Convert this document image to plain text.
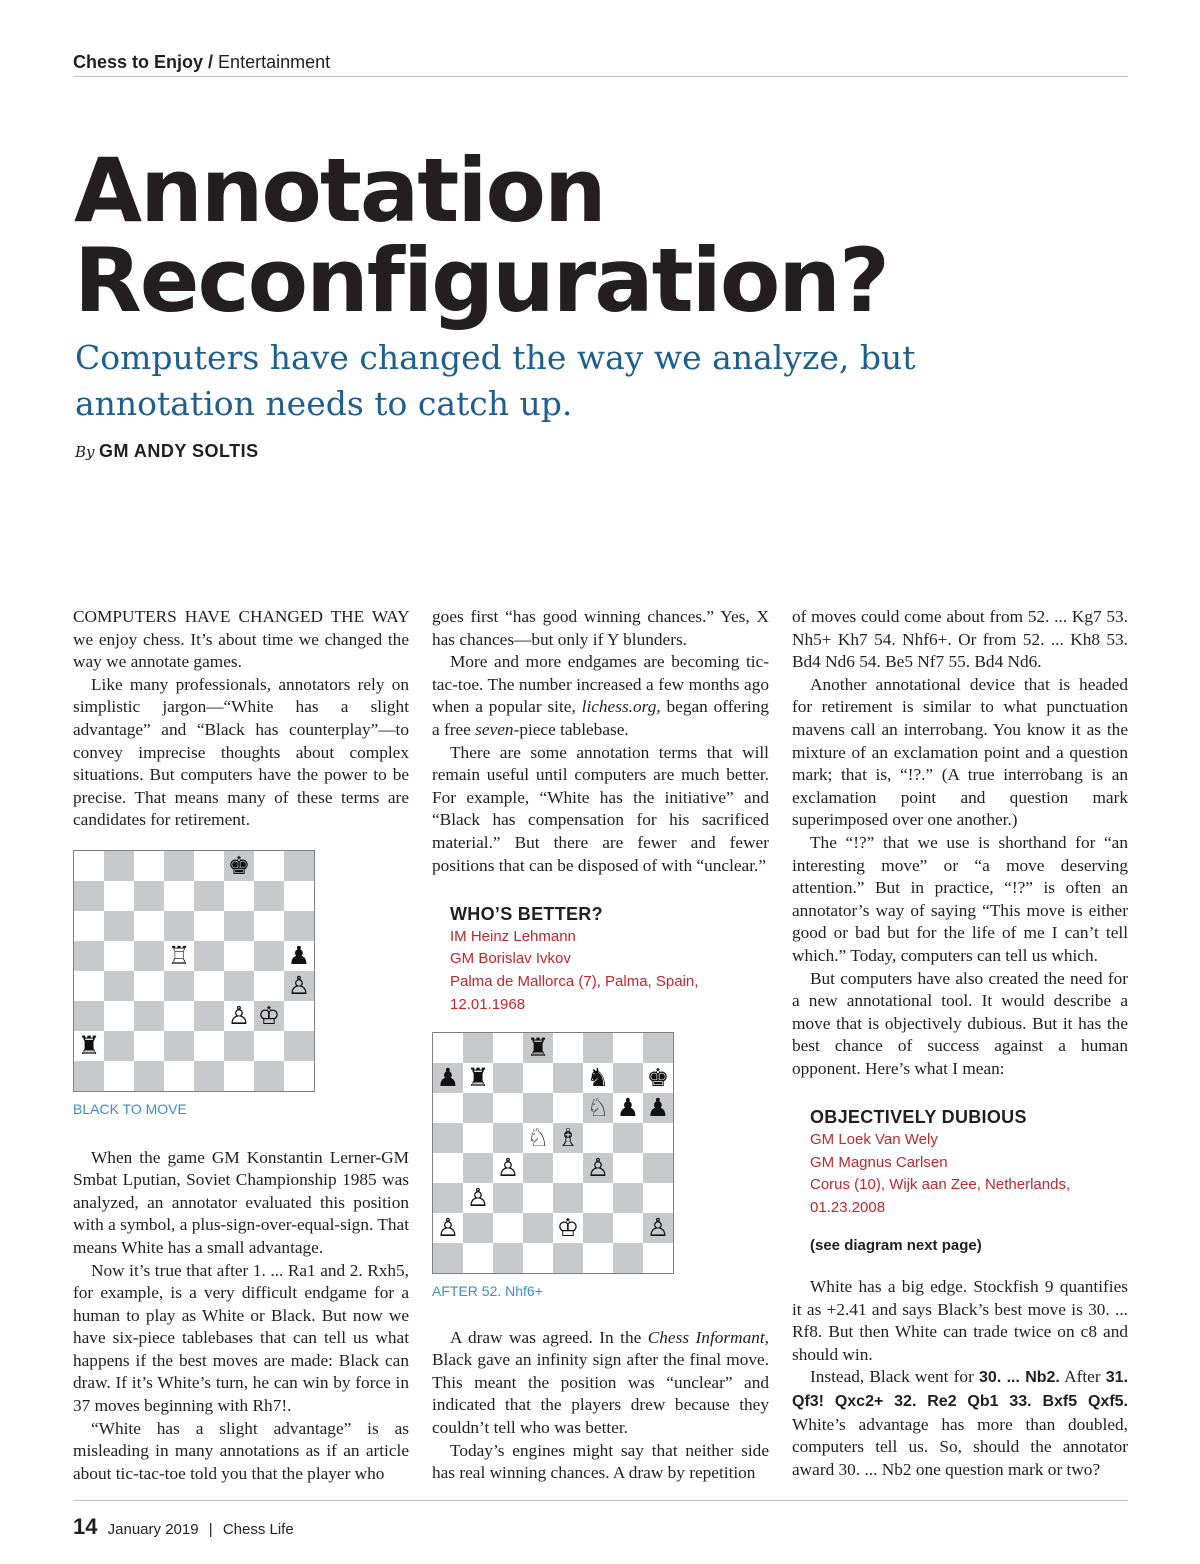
Chess to Enjoy / Entertainment
Annotation
Reconfiguration?

Computers have changed the way we analyze, but annotation needs to catch up.

By GM ANDY SOLTIS

COMPUTERS HAVE CHANGED THE WAY we enjoy chess. It’s about time we changed the way we annotate games.

Like many professionals, annotators rely on simplistic jargon—“White has a slight advantage” and “Black has counterplay”—to convey imprecise thoughts about complex situations. But computers have the power to be precise. That means many of these terms are candidates for retirement.

♚
♖	♟
♙
♙ ♔
♜
BLACK TO MOVE

When the game GM Konstantin Lerner-GM Smbat Lputian, Soviet Championship 1985 was analyzed, an annotator evaluated this position with a symbol, a plus-sign-over-equal-sign. That means White has a small advantage.

Now it’s true that after 1. ... Ra1 and 2. Rxh5, for example, is a very difficult endgame for a human to play as White or Black. But now we have six-piece tablebases that can tell us what happens if the best moves are made: Black can draw. If it’s White’s turn, he can win by force in 37 moves beginning with Rh7!.

“White has a slight advantage” is as misleading in many annotations as if an article about tic-tac-toe told you that the player who

goes first “has good winning chances.” Yes, X has chances—but only if Y blunders.

More and more endgames are becoming tic-tac-toe. The number increased a few months ago when a popular site, lichess.org, began offering a free seven-piece tablebase.

There are some annotation terms that will remain useful until computers are much better. For example, “White has the initiative” and “Black has compensation for his sacrificed material.” But there are fewer and fewer positions that can be disposed of with “unclear.”

WHO’S BETTER?

IM Heinz Lehmann

GM Borislav Ivkov

Palma de Mallorca (7), Palma, Spain,

12.01.1968

♜
♟ ♜	♞ ♚
♘ ♟ ♟
♘ ♗
♙	♙
♙
♙	♔	♙
AFTER 52. Nhf6+

A draw was agreed. In the Chess Informant, Black gave an infinity sign after the final move. This meant the position was “unclear” and indicated that the players drew because they couldn’t tell who was better.

Today’s engines might say that neither side has real winning chances. A draw by repetition

of moves could come about from 52. ... Kg7 53. Nh5+ Kh7 54. Nhf6+. Or from 52. ... Kh8 53. Bd4 Nd6 54. Be5 Nf7 55. Bd4 Nd6.

Another annotational device that is headed for retirement is similar to what punctuation mavens call an interrobang. You know it as the mixture of an exclamation point and a question mark; that is, “!?.” (A true interrobang is an exclamation point and question mark superimposed over one another.)

The “!?” that we use is shorthand for “an interesting move” or “a move deserving attention.” But in practice, “!?” is often an annotator’s way of saying “This move is either good or bad but for the life of me I can’t tell which.” Today, computers can tell us which.

But computers have also created the need for a new annotational tool. It would describe a move that is objectively dubious. But it has the best chance of success against a human opponent. Here’s what I mean:

OBJECTIVELY DUBIOUS

GM Loek Van Wely

GM Magnus Carlsen

Corus (10), Wijk aan Zee, Netherlands,

01.23.2008

(see diagram next page)

White has a big edge. Stockfish 9 quantifies it as +2.41 and says Black’s best move is 30. ... Rf8. But then White can trade twice on c8 and should win.

Instead, Black went for 30. ... Nb2. After 31. Qf3! Qxc2+ 32. Re2 Qb1 33. Bxf5 Qxf5. White’s advantage has more than doubled, computers tell us. So, should the annotator award 30. ... Nb2 one question mark or two?

14 January 2019 | Chess Life
